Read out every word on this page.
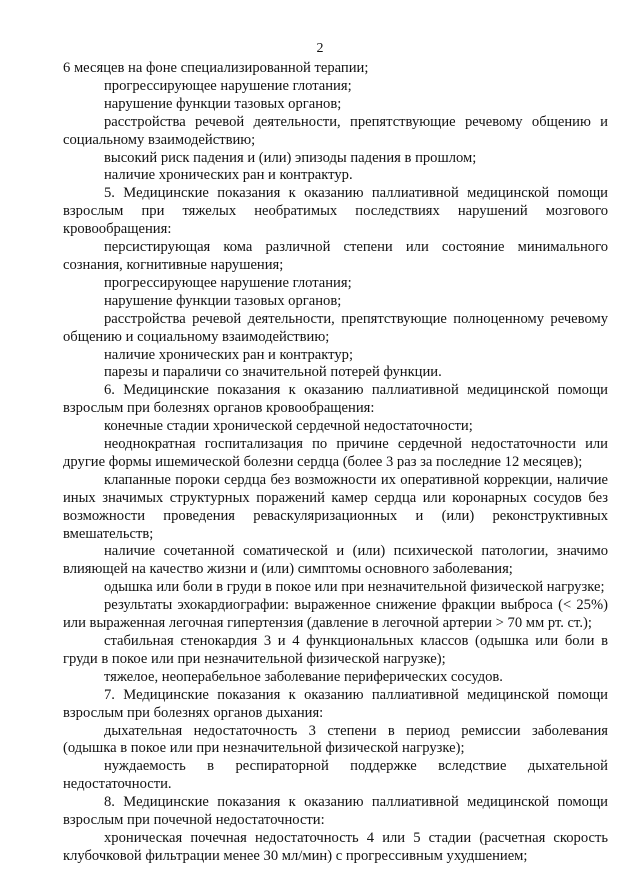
2

6 месяцев на фоне специализированной терапии;

прогрессирующее нарушение глотания;

нарушение функции тазовых органов;

расстройства речевой деятельности, препятствующие речевому общению и социальному взаимодействию;

высокий риск падения и (или) эпизоды падения в прошлом;

наличие хронических ран и контрактур.

5. Медицинские показания к оказанию паллиативной медицинской помощи взрослым при тяжелых необратимых последствиях нарушений мозгового кровообращения:

персистирующая кома различной степени или состояние минимального сознания, когнитивные нарушения;

прогрессирующее нарушение глотания;

нарушение функции тазовых органов;

расстройства речевой деятельности, препятствующие полноценному речевому общению и социальному взаимодействию;

наличие хронических ран и контрактур;

парезы и параличи со значительной потерей функции.

6. Медицинские показания к оказанию паллиативной медицинской помощи взрослым при болезнях органов кровообращения:

конечные стадии хронической сердечной недостаточности;

неоднократная госпитализация по причине сердечной недостаточности или другие формы ишемической болезни сердца (более 3 раз за последние 12 месяцев);

клапанные пороки сердца без возможности их оперативной коррекции, наличие иных значимых структурных поражений камер сердца или коронарных сосудов без возможности проведения реваскуляризационных и (или) реконструктивных вмешательств;

наличие сочетанной соматической и (или) психической патологии, значимо влияющей на качество жизни и (или) симптомы основного заболевания;

одышка или боли в груди в покое или при незначительной физической нагрузке;

результаты эхокардиографии: выраженное снижение фракции выброса (< 25%) или выраженная легочная гипертензия (давление в легочной артерии > 70 мм рт. ст.);

стабильная стенокардия 3 и 4 функциональных классов (одышка или боли в груди в покое или при незначительной физической нагрузке);

тяжелое, неоперабельное заболевание периферических сосудов.

7. Медицинские показания к оказанию паллиативной медицинской помощи взрослым при болезнях органов дыхания:

дыхательная недостаточность 3 степени в период ремиссии заболевания (одышка в покое или при незначительной физической нагрузке);

нуждаемость в респираторной поддержке вследствие дыхательной недостаточности.

8. Медицинские показания к оказанию паллиативной медицинской помощи взрослым при почечной недостаточности:

хроническая почечная недостаточность 4 или 5 стадии (расчетная скорость клубочковой фильтрации менее 30 мл/мин) с прогрессивным ухудшением;
